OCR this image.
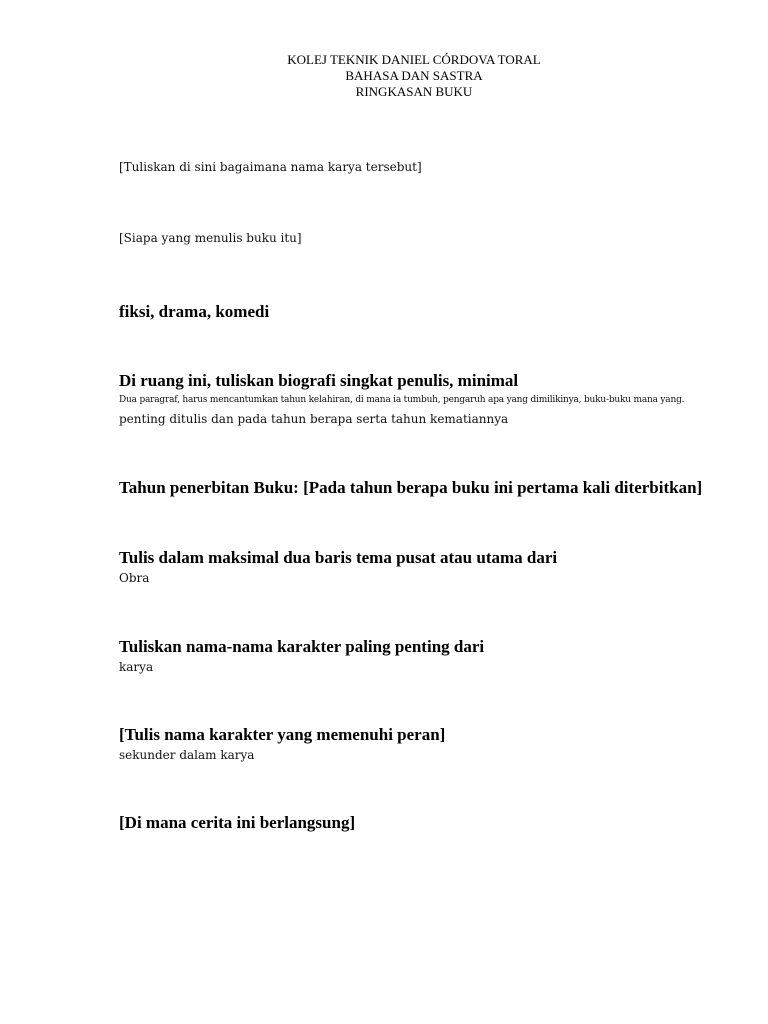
KOLEJ TEKNIK DANIEL CÓRDOVA TORAL
BAHASA DAN SASTRA
RINGKASAN BUKU
[Tuliskan di sini bagaimana nama karya tersebut]
[Siapa yang menulis buku itu]
fiksi, drama, komedi
Di ruang ini, tuliskan biografi singkat penulis, minimal
Dua paragraf, harus mencantumkan tahun kelahiran, di mana ia tumbuh, pengaruh apa yang dimilikinya, buku-buku mana yang.
penting ditulis dan pada tahun berapa serta tahun kematiannya
Tahun penerbitan Buku: [Pada tahun berapa buku ini pertama kali diterbitkan]
Tulis dalam maksimal dua baris tema pusat atau utama dari
Obra
Tuliskan nama-nama karakter paling penting dari
karya
[Tulis nama karakter yang memenuhi peran]
sekunder dalam karya
[Di mana cerita ini berlangsung]
